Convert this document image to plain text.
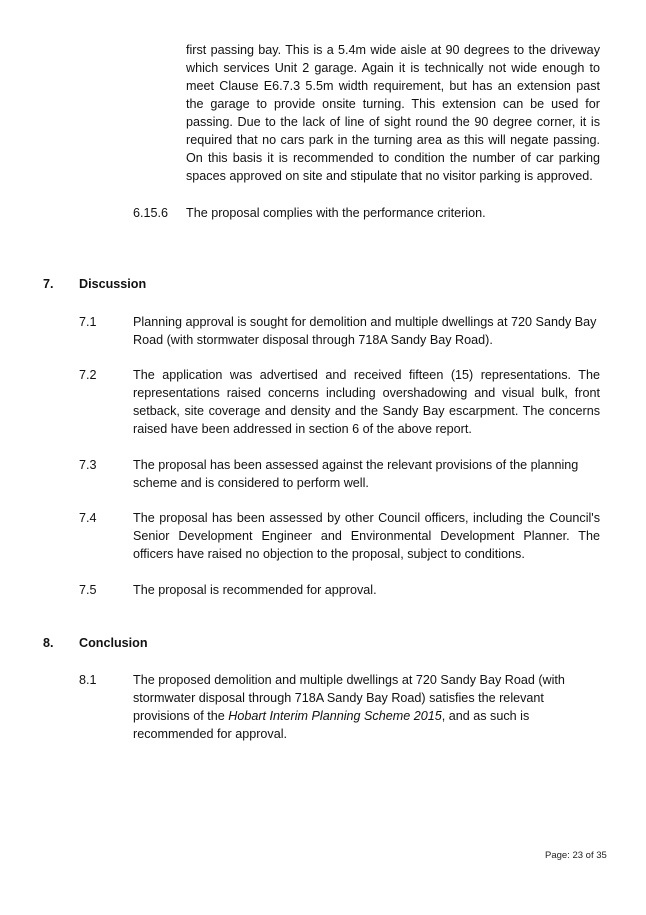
first passing bay. This is a 5.4m wide aisle at 90 degrees to the driveway which services Unit 2 garage. Again it is technically not wide enough to meet Clause E6.7.3 5.5m width requirement, but has an extension past the garage to provide onsite turning. This extension can be used for passing. Due to the lack of line of sight round the 90 degree corner, it is required that no cars park in the turning area as this will negate passing. On this basis it is recommended to condition the number of car parking spaces approved on site and stipulate that no visitor parking is approved.

6.15.6 The proposal complies with the performance criterion.

7. Discussion

7.1	Planning approval is sought for demolition and multiple dwellings at 720 Sandy Bay Road (with stormwater disposal through 718A Sandy Bay Road).

7.2	The application was advertised and received fifteen (15) representations. The representations raised concerns including overshadowing and visual bulk, front setback, site coverage and density and the Sandy Bay escarpment. The concerns raised have been addressed in section 6 of the above report.

7.3	The proposal has been assessed against the relevant provisions of the planning scheme and is considered to perform well.

7.4	The proposal has been assessed by other Council officers, including the Council's Senior Development Engineer and Environmental Development Planner. The officers have raised no objection to the proposal, subject to conditions.

7.5	The proposal is recommended for approval.

8. Conclusion

8.1	The proposed demolition and multiple dwellings at 720 Sandy Bay Road (with stormwater disposal through 718A Sandy Bay Road) satisfies the relevant provisions of the Hobart Interim Planning Scheme 2015, and as such is recommended for approval.

Page: 23 of 35
